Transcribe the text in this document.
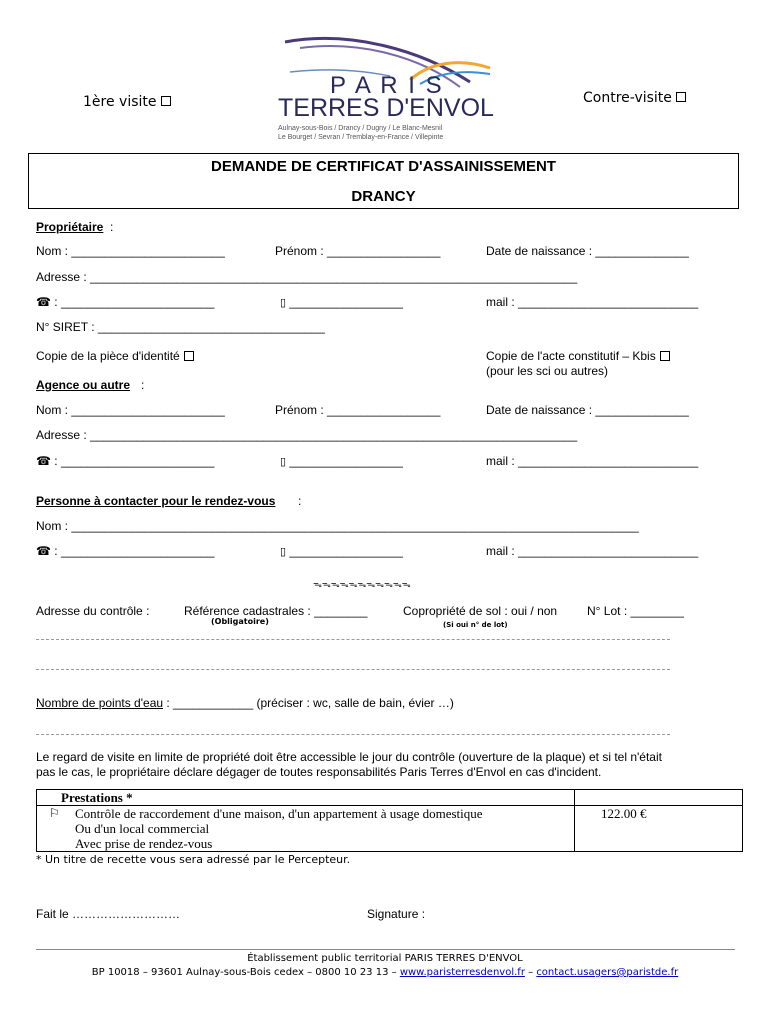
1ère visite	Contre-visite
P A R I S
TERRES D'ENVOL
Aulnay-sous-Bois / Drancy / Dugny / Le Blanc-Mesnil
Le Bourget / Sevran / Tremblay-en-France / Villepinte
DEMANDE DE CERTIFICAT D'ASSAINISSEMENT
DRANCY
Propriétaire :
Nom : _______________________	Prénom : _________________	Date de naissance : ______________
Adresse : _________________________________________________________________________
☎ : _______________________	▯ _________________	mail : ___________________________
N° SIRET : __________________________________
Copie de la pièce d'identité	Copie de l'acte constitutif – Kbis
(pour les sci ou autres)
Agence ou autre :
Nom : _______________________	Prénom : _________________	Date de naissance : ______________
Adresse : _________________________________________________________________________
☎ : _______________________	▯ _________________	mail : ___________________________
Personne à contacter pour le rendez-vous :
Nom : _____________________________________________________________________________________
☎ : _______________________	▯ _________________	mail : ___________________________
ᯓᯓᯓᯓᯓᯓᯓᯓᯓᯓᯓ
Adresse du contrôle :	Référence cadastrales : ________
(Obligatoire)
Copropriété de sol : oui / non
(Si oui n° de lot)
N° Lot : ________
Nombre de points d'eau : ____________ (préciser : wc, salle de bain, évier …)
Le regard de visite en limite de propriété doit être accessible le jour du contrôle (ouverture de la plaque) et si tel n'était
pas le cas, le propriétaire déclare dégager de toutes responsabilités Paris Terres d'Envol en cas d'incident.
Prestations *	

⚐ Contrôle de raccordement d'une maison, d'un appartement à usage domestique
Ou d'un local commercial
Avec prise de rendez-vous	122.00 €
* Un titre de recette vous sera adressé par le Percepteur.
Fait le ………………………	Signature :
Établissement public territorial PARIS TERRES D'ENVOL
BP 10018 – 93601 Aulnay-sous-Bois cedex – 0800 10 23 13 – www.paristerresdenvol.fr – contact.usagers@paristde.fr
